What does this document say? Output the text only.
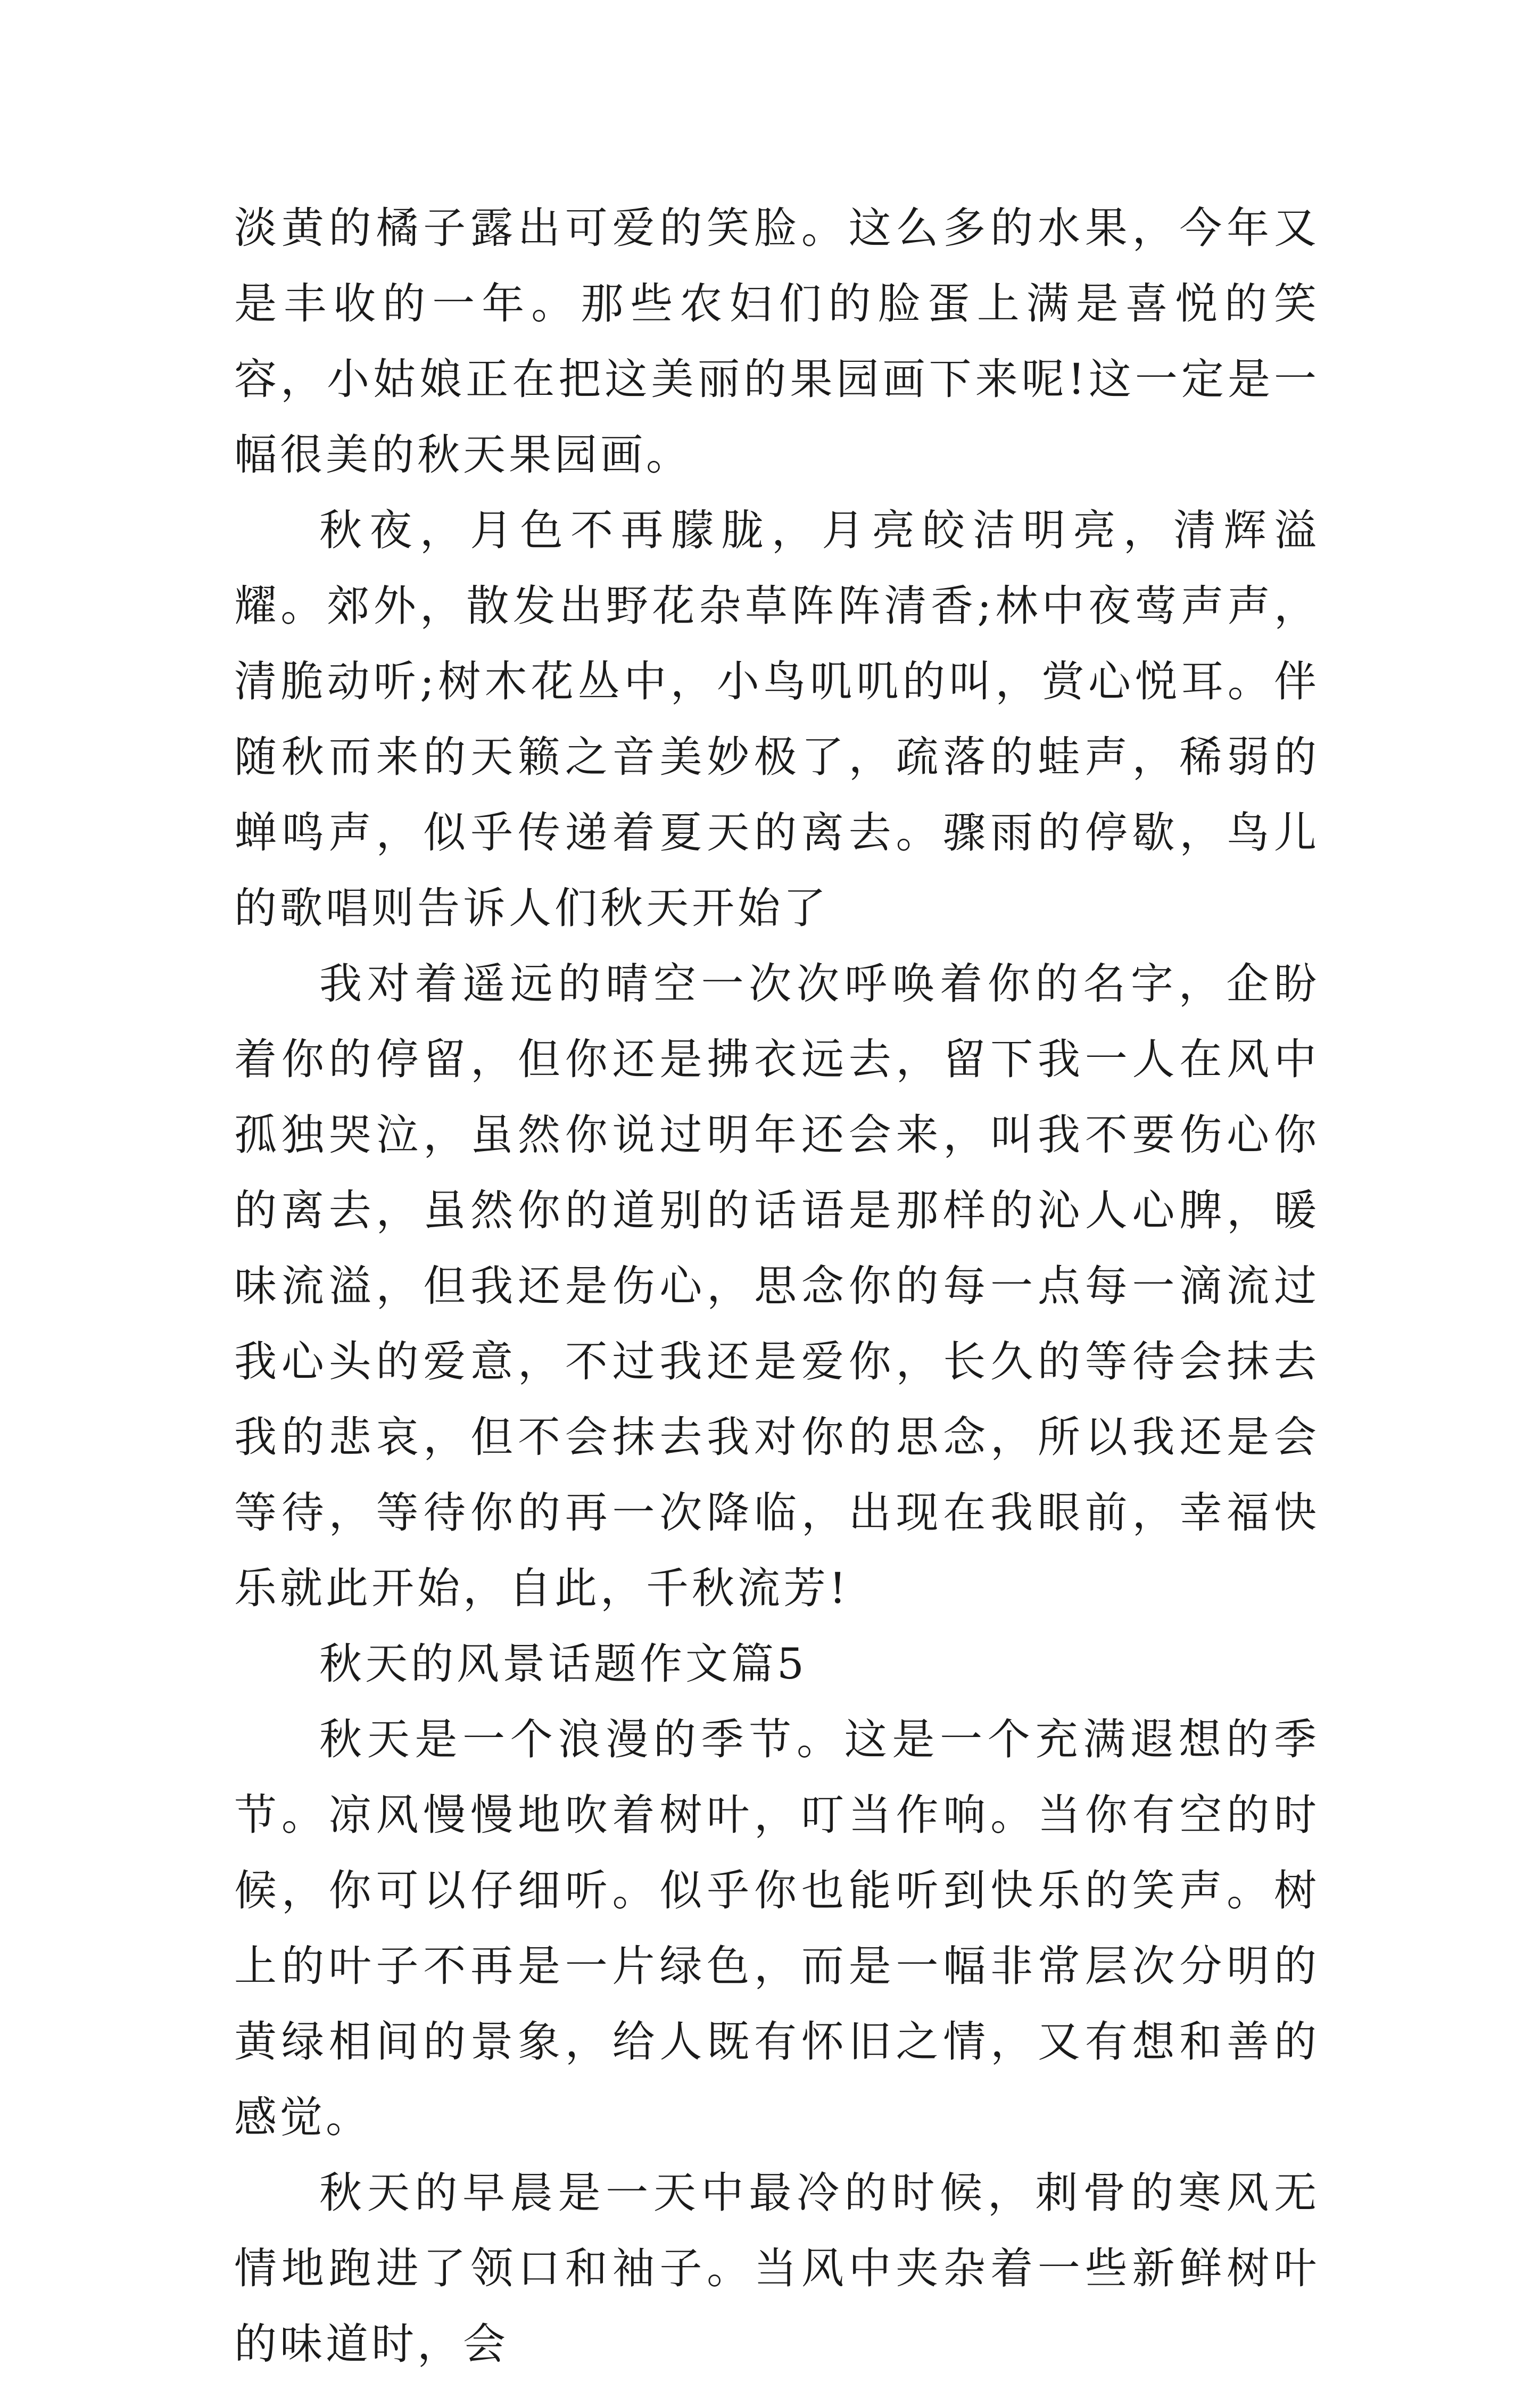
淡黄的橘子露出可爱的笑脸。这么多的水果，今年又是丰收的一年。那些农妇们的脸蛋上满是喜悦的笑容，小姑娘正在把这美丽的果园画下来呢!这一定是一幅很美的秋天果园画。

秋夜，月色不再朦胧，月亮皎洁明亮，清辉溢耀。郊外，散发出野花杂草阵阵清香;林中夜莺声声，清脆动听;树木花丛中，小鸟叽叽的叫，赏心悦耳。伴随秋而来的天籁之音美妙极了，疏落的蛙声，稀弱的蝉鸣声，似乎传递着夏天的离去。骤雨的停歇，鸟儿的歌唱则告诉人们秋天开始了

我对着遥远的晴空一次次呼唤着你的名字，企盼着你的停留，但你还是拂衣远去，留下我一人在风中孤独哭泣，虽然你说过明年还会来，叫我不要伤心你的离去，虽然你的道别的话语是那样的沁人心脾，暖味流溢，但我还是伤心，思念你的每一点每一滴流过我心头的爱意，不过我还是爱你，长久的等待会抹去我的悲哀，但不会抹去我对你的思念，所以我还是会等待，等待你的再一次降临，出现在我眼前，幸福快乐就此开始，自此，千秋流芳!

秋天的风景话题作文篇5

秋天是一个浪漫的季节。这是一个充满遐想的季节。凉风慢慢地吹着树叶，叮当作响。当你有空的时候，你可以仔细听。似乎你也能听到快乐的笑声。树上的叶子不再是一片绿色，而是一幅非常层次分明的黄绿相间的景象，给人既有怀旧之情，又有想和善的感觉。

秋天的早晨是一天中最冷的时候，刺骨的寒风无情地跑进了领口和袖子。当风中夹杂着一些新鲜树叶的味道时，会
